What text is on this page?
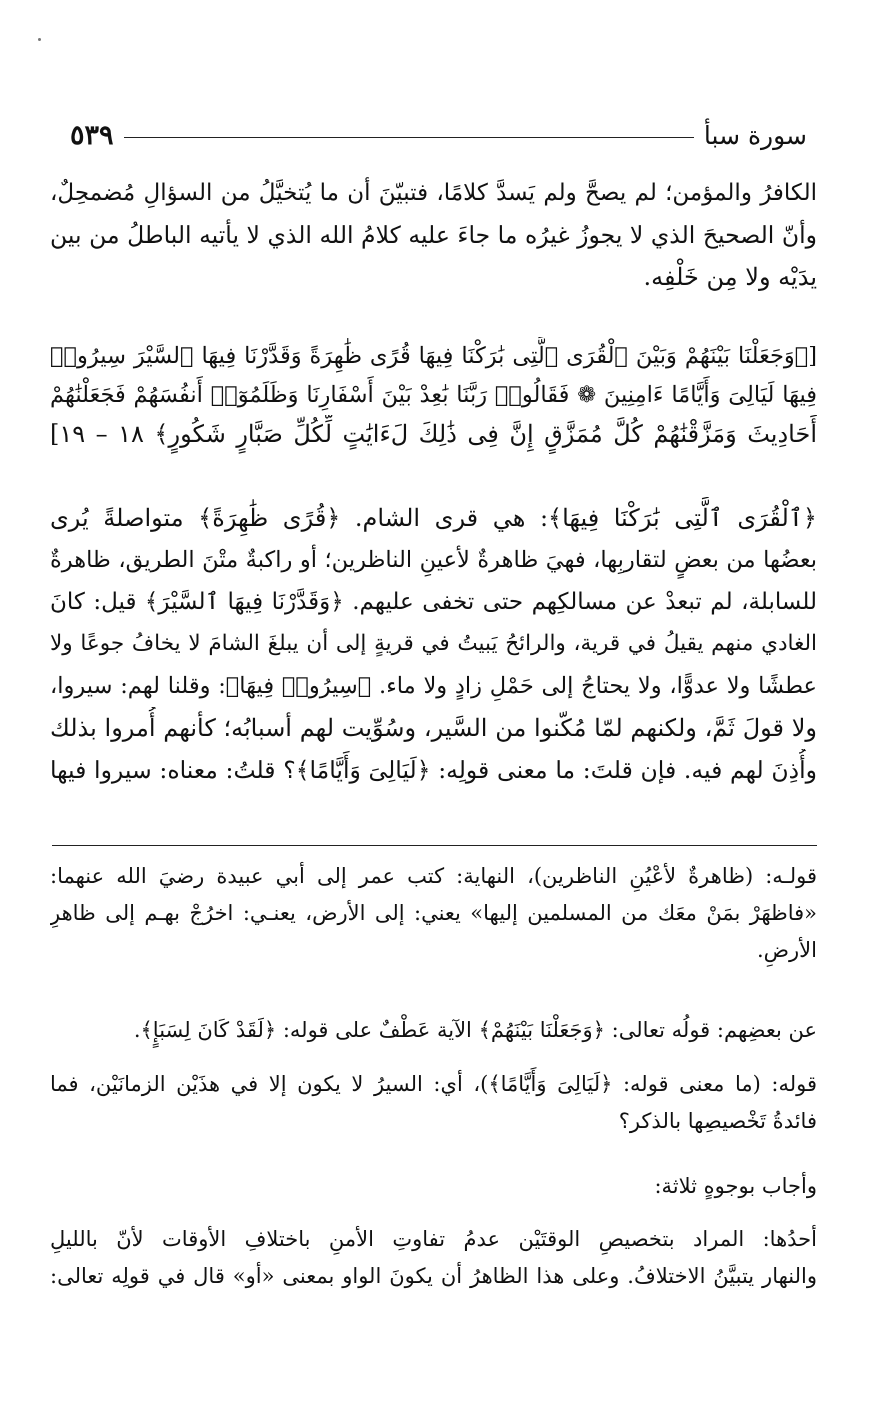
سورة سبأ
٥٣٩
الكافرُ والمؤمن؛ لم يصحَّ ولم يَسدَّ كلامًا، فتبيّنَ أن ما يُتخيَّلُ من السؤالِ مُضمحِلٌ،
وأنّ الصحيحَ الذي لا يجوزُ غيرُه ما جاءَ عليه كلامُ الله الذي لا يأتيه الباطلُ من بين
يدَيْه ولا مِن خَلْفِه.
[﴿وَجَعَلْنَا بَيْنَهُمْ وَبَيْنَ ٱلْقُرَى ٱلَّتِى بَٰرَكْنَا فِيهَا قُرًى ظَٰهِرَةً وَقَدَّرْنَا فِيهَا ٱلسَّيْرَ سِيرُوا۟
فِيهَا لَيَالِىَ وَأَيَّامًا ءَامِنِينَ ❁ فَقَالُوا۟ رَبَّنَا بَٰعِدْ بَيْنَ أَسْفَارِنَا وَظَلَمُوٓا۟ أَنفُسَهُمْ فَجَعَلْنَٰهُمْ
أَحَادِيثَ وَمَزَّقْنَٰهُمْ كُلَّ مُمَزَّقٍ إِنَّ فِى ذَٰلِكَ لَءَايَٰتٍ لِّكُلِّ صَبَّارٍ شَكُورٍ﴾ ١٨ – ١٩]
﴿ٱلْقُرَى ٱلَّتِى بَٰرَكْنَا فِيهَا﴾: هي قرى الشام. ﴿قُرًى ظَٰهِرَةً﴾ متواصلةً يُرى
بعضُها من بعضٍ لتقاربِها، فهيَ ظاهرةٌ لأعينِ الناظرين؛ أو راكبةٌ متْنَ الطريق، ظاهرةٌ
للسابلة، لم تبعدْ عن مسالكِهم حتى تخفى عليهم. ﴿وَقَدَّرْنَا فِيهَا ٱلسَّيْرَ﴾ قيل: كانَ
الغادي منهم يقيلُ في قرية، والرائحُ يَبيتُ في قريةٍ إلى أن يبلغَ الشامَ لا يخافُ جوعًا ولا
عطشًا ولا عدوًّا، ولا يحتاجُ إلى حَمْلِ زادٍ ولا ماء. ﴿سِيرُوا۟ فِيهَا﴾: وقلنا لهم: سيروا،
ولا قولَ ثَمَّ، ولكنهم لمّا مُكّنوا من السَّير، وسُوِّيت لهم أسبابُه؛ كأنهم أُمروا بذلك
وأُذِنَ لهم فيه. فإن قلتَ: ما معنى قولِه: ﴿لَيَالِىَ وَأَيَّامًا﴾؟ قلتُ: معناه: سيروا فيها
قولـه: (ظاهرةٌ لأعْيُنِ الناظرين)، النهاية: كتب عمر إلى أبي عبيدة رضيَ الله عنهما:
«فاظهَرْ بمَنْ معَك من المسلمين إليها» يعني: إلى الأرض، يعنـي: اخرُجْ بهـم إلى ظاهرِ
الأرضِ.
عن بعضِهم: قولُه تعالى: ﴿وَجَعَلْنَا بَيْنَهُمْ﴾ الآية عَطْفٌ على قوله: ﴿لَقَدْ كَانَ لِسَبَإٍ﴾.
قوله: (ما معنى قوله: ﴿لَيَالِىَ وَأَيَّامًا﴾)، أي: السيرُ لا يكون إلا في هذَيْن الزمانَيْن، فما
فائدةُ تَخْصيصِها بالذكر؟
وأجاب بوجوهٍ ثلاثة:
أحدُها: المراد بتخصيصِ الوقتَيْن عدمُ تفاوتِ الأمنِ باختلافِ الأوقات لأنّ بالليلِ
والنهار يتبيَّنُ الاختلافُ. وعلى هذا الظاهرُ أن يكونَ الواو بمعنى «أو» قال في قولِه تعالى:
